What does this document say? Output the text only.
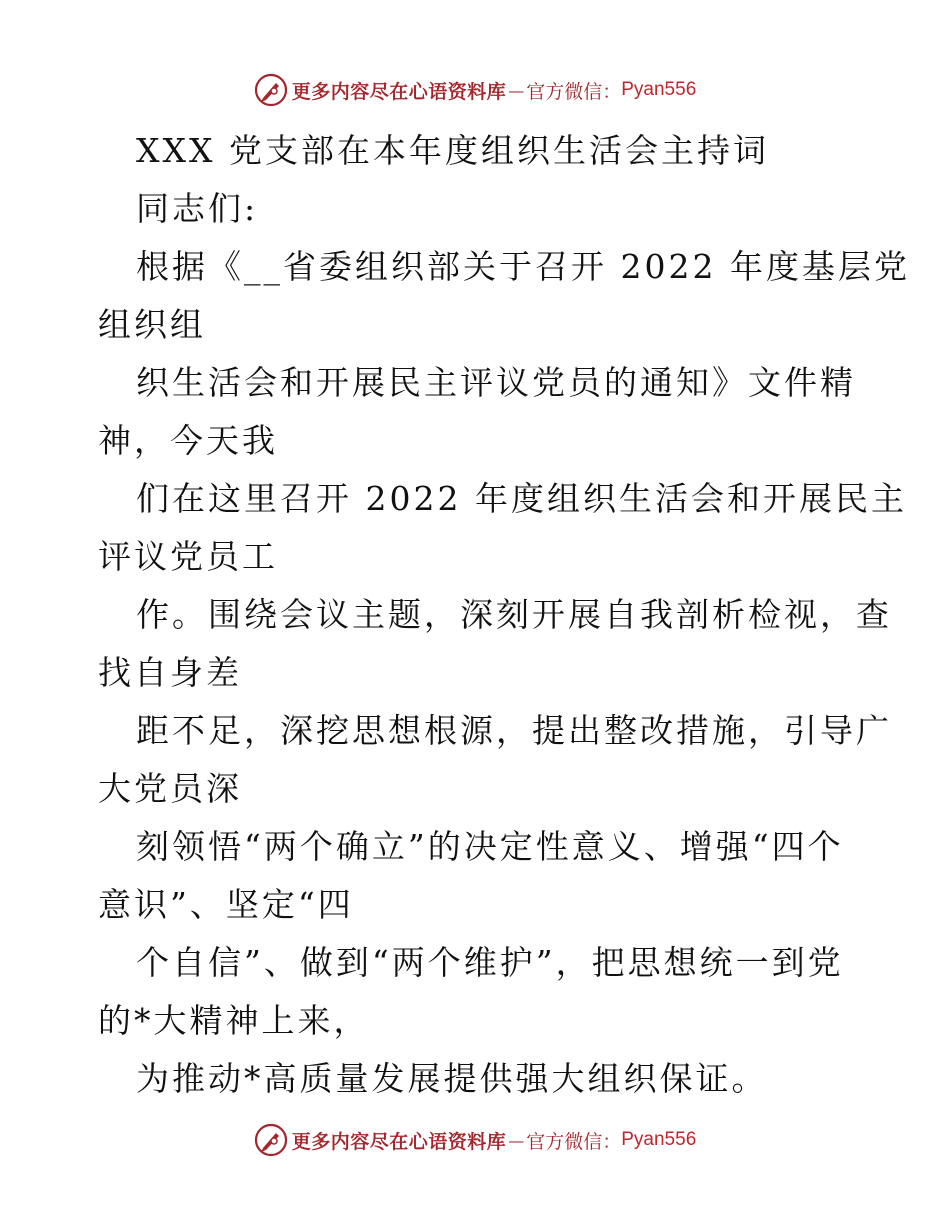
更多内容尽在心语资料库 — 官方微信： Pyan556
XXX 党支部在本年度组织生活会主持词
同志们:
根据《__省委组织部关于召开 2022 年度基层党
组织组
织生活会和开展民主评议党员的通知》文件精
神，今天我
们在这里召开 2022 年度组织生活会和开展民主
评议党员工
作。围绕会议主题，深刻开展自我剖析检视，查
找自身差
距不足，深挖思想根源，提出整改措施，引导广
大党员深
刻领悟“两个确立”的决定性意义、增强“四个
意识”、坚定“四
个自信”、做到“两个维护”，把思想统一到党
的*大精神上来，
为推动*高质量发展提供强大组织保证。
更多内容尽在心语资料库 — 官方微信： Pyan556
